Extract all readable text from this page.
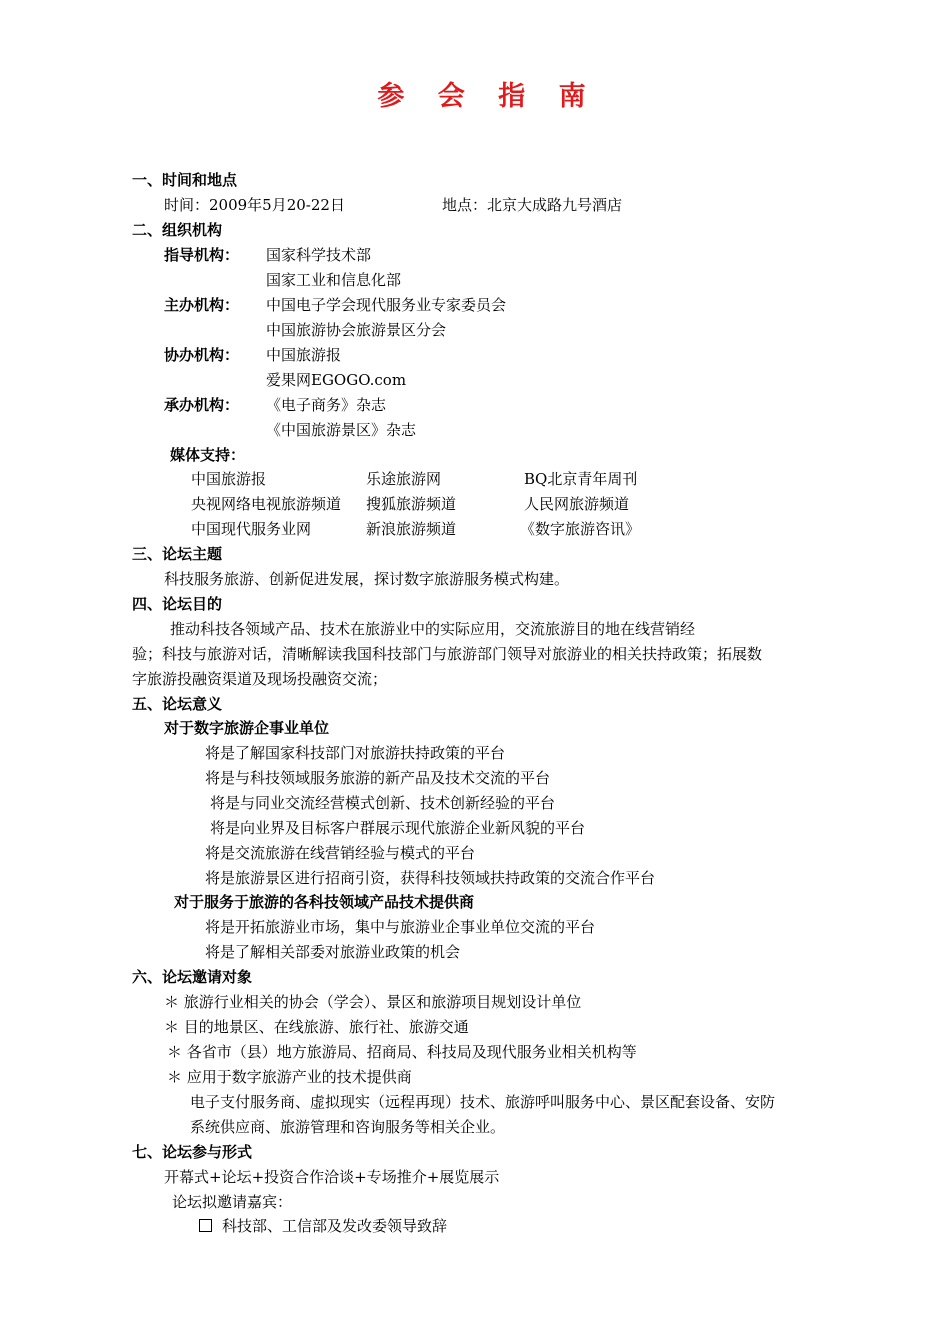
参 会 指 南
一、时间和地点
时间：2009年5月20-22日	地点：北京大成路九号酒店
二、组织机构
指导机构： 国家科学技术部
国家工业和信息化部
主办机构： 中国电子学会现代服务业专家委员会
中国旅游协会旅游景区分会
协办机构： 中国旅游报
爱果网EGOGO.com
承办机构： 《电子商务》杂志
《中国旅游景区》杂志
媒体支持：
中国旅游报	乐途旅游网	BQ北京青年周刊
央视网络电视旅游频道 搜狐旅游频道	人民网旅游频道
中国现代服务业网	新浪旅游频道	《数字旅游咨讯》
三、论坛主题
科技服务旅游、创新促进发展，探讨数字旅游服务模式构建。
四、论坛目的
推动科技各领域产品、技术在旅游业中的实际应用，交流旅游目的地在线营销经
验；科技与旅游对话，清晰解读我国科技部门与旅游部门领导对旅游业的相关扶持政策；拓展数
字旅游投融资渠道及现场投融资交流；
五、论坛意义
对于数字旅游企事业单位
将是了解国家科技部门对旅游扶持政策的平台
将是与科技领域服务旅游的新产品及技术交流的平台
将是与同业交流经营模式创新、技术创新经验的平台
将是向业界及目标客户群展示现代旅游企业新风貌的平台
将是交流旅游在线营销经验与模式的平台
将是旅游景区进行招商引资，获得科技领域扶持政策的交流合作平台
对于服务于旅游的各科技领域产品技术提供商
将是开拓旅游业市场，集中与旅游业企事业单位交流的平台
将是了解相关部委对旅游业政策的机会
六、论坛邀请对象
＊ 旅游行业相关的协会（学会）、景区和旅游项目规划设计单位
＊ 目的地景区、在线旅游、旅行社、旅游交通
＊ 各省市（县）地方旅游局、招商局、科技局及现代服务业相关机构等
＊ 应用于数字旅游产业的技术提供商
电子支付服务商、虚拟现实（远程再现）技术、旅游呼叫服务中心、景区配套设备、安防
系统供应商、旅游管理和咨询服务等相关企业。
七、论坛参与形式
开幕式+论坛+投资合作洽谈+专场推介+展览展示
论坛拟邀请嘉宾：
科技部、工信部及发改委领导致辞
